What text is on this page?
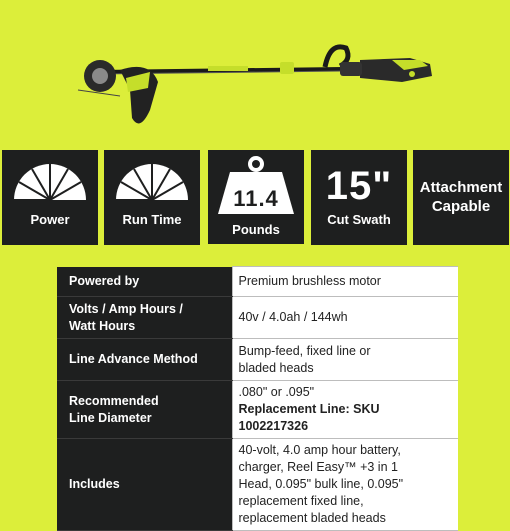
Power	Run Time
11.4
Pounds
15"
Cut Swath
Attachment
Capable
Powered by	Premium brushless motor

Volts / Amp Hours /
Watt Hours	40v / 4.0ah / 144wh

Line Advance Method	Bump-feed, fixed line or
bladed heads

Recommended
Line Diameter	.080" or .095"
Replacement Line: SKU 1002217326

Includes	40-volt, 4.0 amp hour battery,
charger, Reel Easy™ +3 in 1
Head, 0.095" bulk line, 0.095"
replacement fixed line,
replacement bladed heads
